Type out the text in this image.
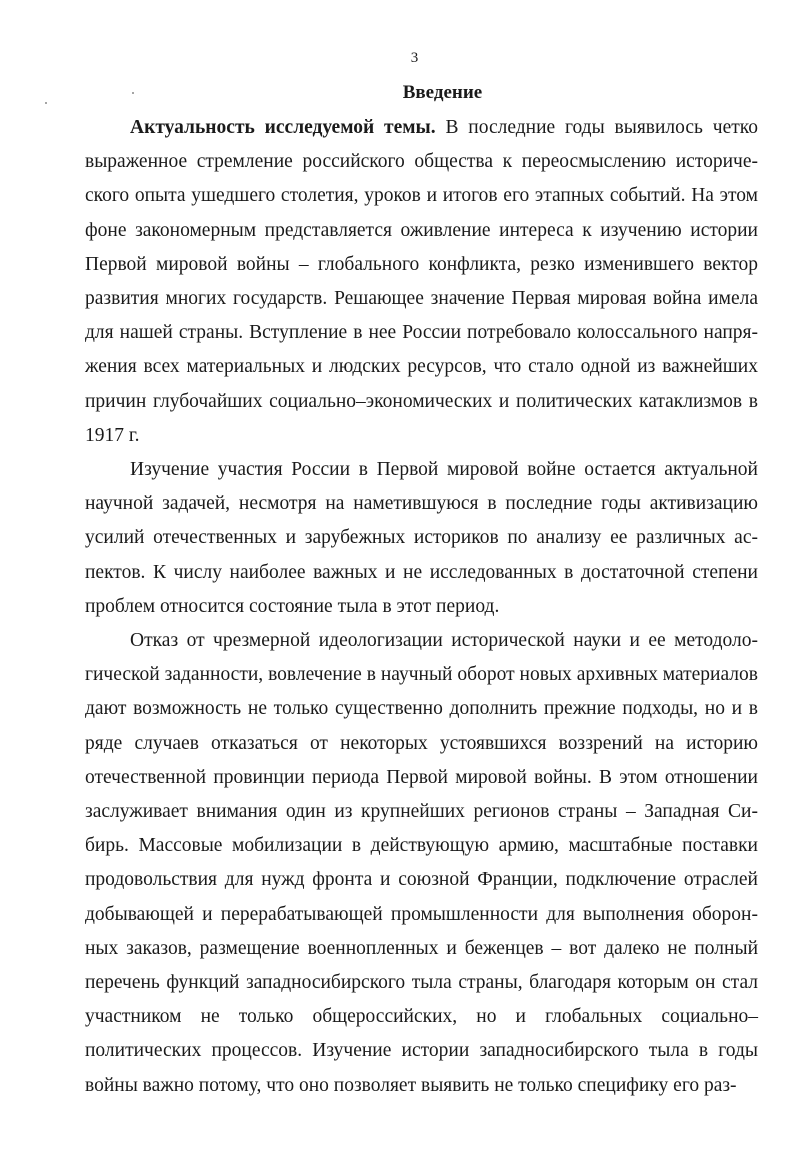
3
Введение

Актуальность исследуемой темы. В последние годы выявилось четко выраженное стремление российского общества к переосмыслению исторического опыта ушедшего столетия, уроков и итогов его этапных событий. На этом фоне закономерным представляется оживление интереса к изучению истории Первой мировой войны – глобального конфликта, резко изменившего вектор развития многих государств. Решающее значение Первая мировая война имела для нашей страны. Вступление в нее России потребовало колоссального напряжения всех материальных и людских ресурсов, что стало одной из важнейших причин глубочайших социально–экономических и политических катаклизмов в 1917 г.

Изучение участия России в Первой мировой войне остается актуальной научной задачей, несмотря на наметившуюся в последние годы активизацию усилий отечественных и зарубежных историков по анализу ее различных аспектов. К числу наиболее важных и не исследованных в достаточной степени проблем относится состояние тыла в этот период.

Отказ от чрезмерной идеологизации исторической науки и ее методологической заданности, вовлечение в научный оборот новых архивных материалов дают возможность не только существенно дополнить прежние подходы, но и в ряде случаев отказаться от некоторых устоявшихся воззрений на историю отечественной провинции периода Первой мировой войны. В этом отношении заслуживает внимания один из крупнейших регионов страны – Западная Сибирь. Массовые мобилизации в действующую армию, масштабные поставки продовольствия для нужд фронта и союзной Франции, подключение отраслей добывающей и перерабатывающей промышленности для выполнения оборонных заказов, размещение военнопленных и беженцев – вот далеко не полный перечень функций западносибирского тыла страны, благодаря которым он стал участником не только общероссийских, но и глобальных социально–политических процессов. Изучение истории западносибирского тыла в годы войны важно потому, что оно позволяет выявить не только специфику его раз-
